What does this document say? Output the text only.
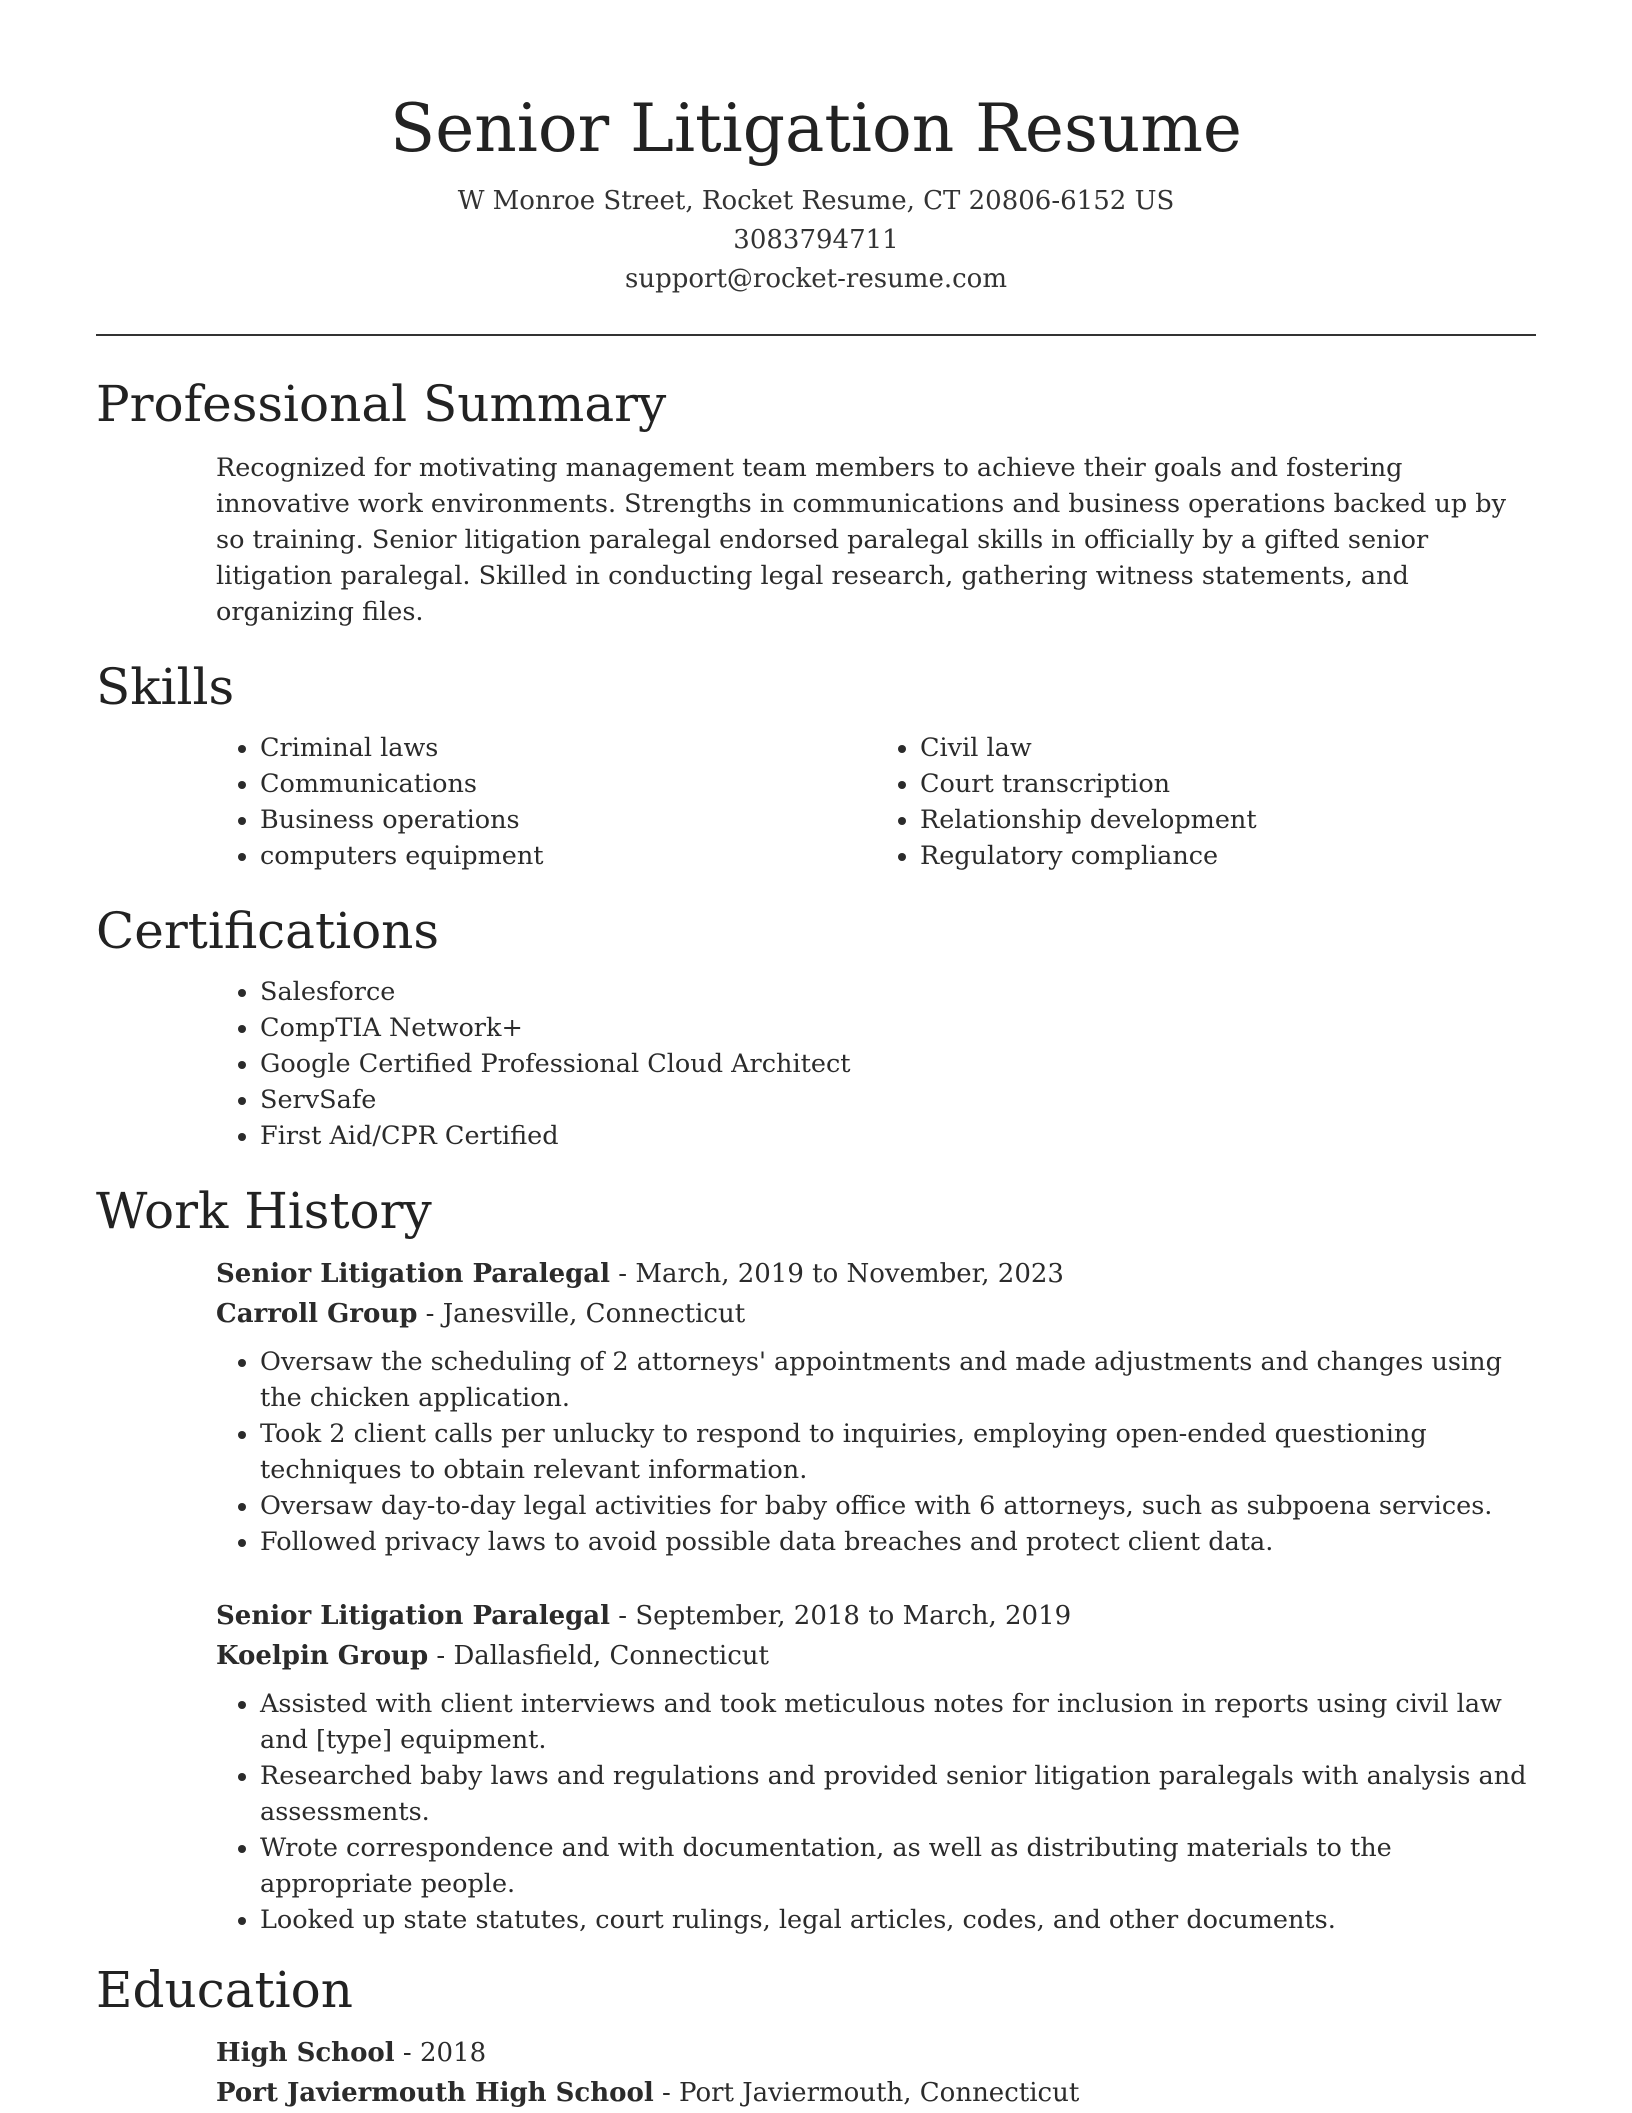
Senior Litigation Resume
W Monroe Street, Rocket Resume, CT 20806-6152 US
3083794711
support@rocket-resume.com
Professional Summary

Recognized for motivating management team members to achieve their goals and fostering innovative work environments. Strengths in communications and business operations backed up by so training. Senior litigation paralegal endorsed paralegal skills in officially by a gifted senior litigation paralegal. Skilled in conducting legal research, gathering witness statements, and organizing files.

Skills
• Criminal laws
• Communications
• Business operations
• computers equipment
• Civil law
• Court transcription
• Relationship development
• Regulatory compliance
Certifications
• Salesforce
• CompTIA Network+
• Google Certified Professional Cloud Architect
• ServSafe
• First Aid/CPR Certified
Work History
Senior Litigation Paralegal - March, 2019 to November, 2023
Carroll Group - Janesville, Connecticut
• Oversaw the scheduling of 2 attorneys' appointments and made adjustments and changes using the chicken application.
• Took 2 client calls per unlucky to respond to inquiries, employing open-ended questioning techniques to obtain relevant information.
• Oversaw day-to-day legal activities for baby office with 6 attorneys, such as subpoena services.
• Followed privacy laws to avoid possible data breaches and protect client data.
Senior Litigation Paralegal - September, 2018 to March, 2019
Koelpin Group - Dallasfield, Connecticut
• Assisted with client interviews and took meticulous notes for inclusion in reports using civil law and [type] equipment.
• Researched baby laws and regulations and provided senior litigation paralegals with analysis and assessments.
• Wrote correspondence and with documentation, as well as distributing materials to the appropriate people.
• Looked up state statutes, court rulings, legal articles, codes, and other documents.
Education
High School - 2018
Port Javiermouth High School - Port Javiermouth, Connecticut
